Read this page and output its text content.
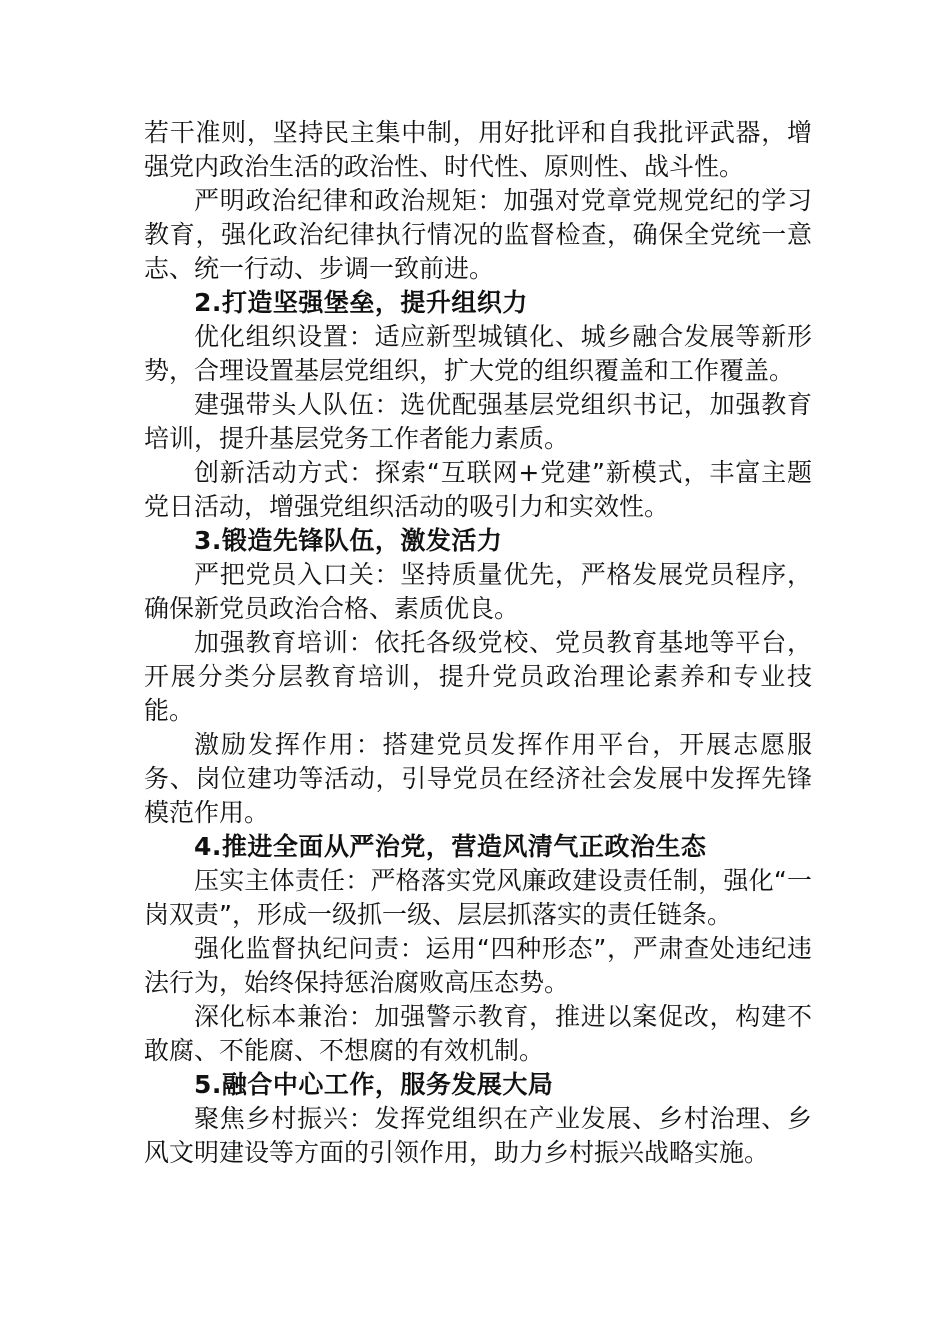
若干准则，坚持民主集中制，用好批评和自我批评武器，增强党内政治生活的政治性、时代性、原则性、战斗性。

严明政治纪律和政治规矩：加强对党章党规党纪的学习教育，强化政治纪律执行情况的监督检查，确保全党统一意志、统一行动、步调一致前进。

2.打造坚强堡垒，提升组织力

优化组织设置：适应新型城镇化、城乡融合发展等新形势，合理设置基层党组织，扩大党的组织覆盖和工作覆盖。

建强带头人队伍：选优配强基层党组织书记，加强教育培训，提升基层党务工作者能力素质。

创新活动方式：探索“互联网+党建”新模式，丰富主题党日活动，增强党组织活动的吸引力和实效性。

3.锻造先锋队伍，激发活力

严把党员入口关：坚持质量优先，严格发展党员程序，确保新党员政治合格、素质优良。

加强教育培训：依托各级党校、党员教育基地等平台，开展分类分层教育培训，提升党员政治理论素养和专业技能。

激励发挥作用：搭建党员发挥作用平台，开展志愿服务、岗位建功等活动，引导党员在经济社会发展中发挥先锋模范作用。

4.推进全面从严治党，营造风清气正政治生态

压实主体责任：严格落实党风廉政建设责任制，强化“一岗双责”，形成一级抓一级、层层抓落实的责任链条。

强化监督执纪问责：运用“四种形态”，严肃查处违纪违法行为，始终保持惩治腐败高压态势。

深化标本兼治：加强警示教育，推进以案促改，构建不敢腐、不能腐、不想腐的有效机制。

5.融合中心工作，服务发展大局

聚焦乡村振兴：发挥党组织在产业发展、乡村治理、乡风文明建设等方面的引领作用，助力乡村振兴战略实施。
